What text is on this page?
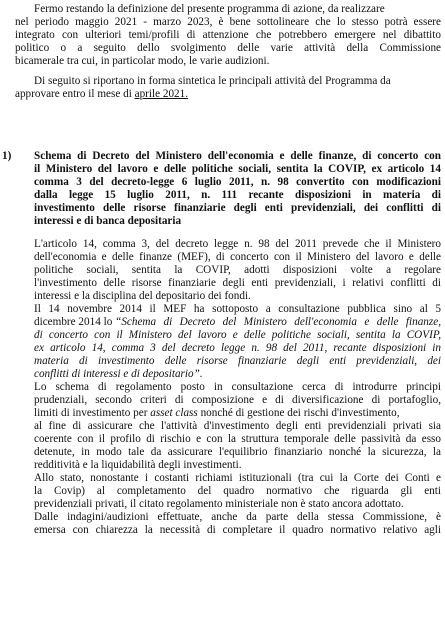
Fermo restando la definizione del presente programma di azione, da realizzare
nel periodo maggio 2021 - marzo 2023, è bene sottolineare che lo stesso potrà essere
integrato con ulteriori temi/profili di attenzione che potrebbero emergere nel dibattito
politico o a seguito dello svolgimento delle varie attività della Commissione
bicamerale tra cui, in particolar modo, le varie audizioni.
Di seguito si riportano in forma sintetica le principali attività del Programma da
approvare entro il mese di aprile 2021.
1) Schema di Decreto del Ministero dell'economia e delle finanze, di concerto con
il Ministero del lavoro e delle politiche sociali, sentita la COVIP, ex articolo 14
comma 3 del decreto-legge 6 luglio 2011, n. 98 convertito con modificazioni
dalla legge 15 luglio 2011, n. 111 recante disposizioni in materia di
investimento delle risorse finanziarie degli enti previdenziali, dei conflitti di
interessi e di banca depositaria
L'articolo 14, comma 3, del decreto legge n. 98 del 2011 prevede che il Ministero
dell'economia e delle finanze (MEF), di concerto con il Ministero del lavoro e delle
politiche sociali, sentita la COVIP, adotti disposizioni volte a regolare
l'investimento delle risorse finanziarie degli enti previdenziali, i relativi conflitti di
interessi e la disciplina del depositario dei fondi.
Il 14 novembre 2014 il MEF ha sottoposto a consultazione pubblica sino al 5
dicembre 2014 lo “Schema di Decreto del Ministero dell'economia e delle finanze,
di concerto con il Ministero del lavoro e delle politiche sociali, sentita la COVIP,
ex articolo 14, comma 3 del decreto legge n. 98 del 2011, recante disposizioni in
materia di investimento delle risorse finanziarie degli enti previdenziali, dei
conflitti di interessi e di depositario”.
Lo schema di regolamento posto in consultazione cerca di introdurre principi
prudenziali, secondo criteri di composizione e di diversificazione di portafoglio,
limiti di investimento per asset class nonché di gestione dei rischi d'investimento,
al fine di assicurare che l'attività d'investimento degli enti previdenziali privati sia
coerente con il profilo di rischio e con la struttura temporale delle passività da esso
detenute, in modo tale da assicurare l'equilibrio finanziario nonché la sicurezza, la
redditività e la liquidabilità degli investimenti.
Allo stato, nonostante i costanti richiami istituzionali (tra cui la Corte dei Conti e
la Covip) al completamento del quadro normativo che riguarda gli enti
previdenziali privati, il citato regolamento ministeriale non è stato ancora adottato.
Dalle indagini/audizioni effettuate, anche da parte della stessa Commissione, è
emersa con chiarezza la necessità di completare il quadro normativo relativo agli
